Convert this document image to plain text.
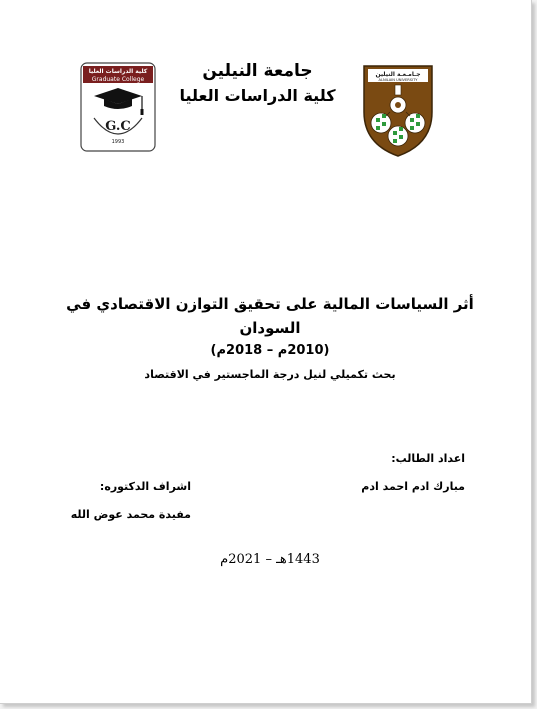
كلية الدراسات العليا
Graduate College
G.C
1993
جـامـعـة النيلين
ALNILAIN UNIVERSITY
جامعة النيلين
كلية الدراسات العليا
أثر السياسات المالية على تحقيق التوازن الاقتصادي في السودان
(2010م – 2018م)
بحث تكميلي لنيل درجة الماجستير في الاقتصاد
اعداد الطالب:
مبارك ادم احمد ادم
اشراف الدكتوره:
مفيدة محمد عوض الله
1443هـ – 2021م
